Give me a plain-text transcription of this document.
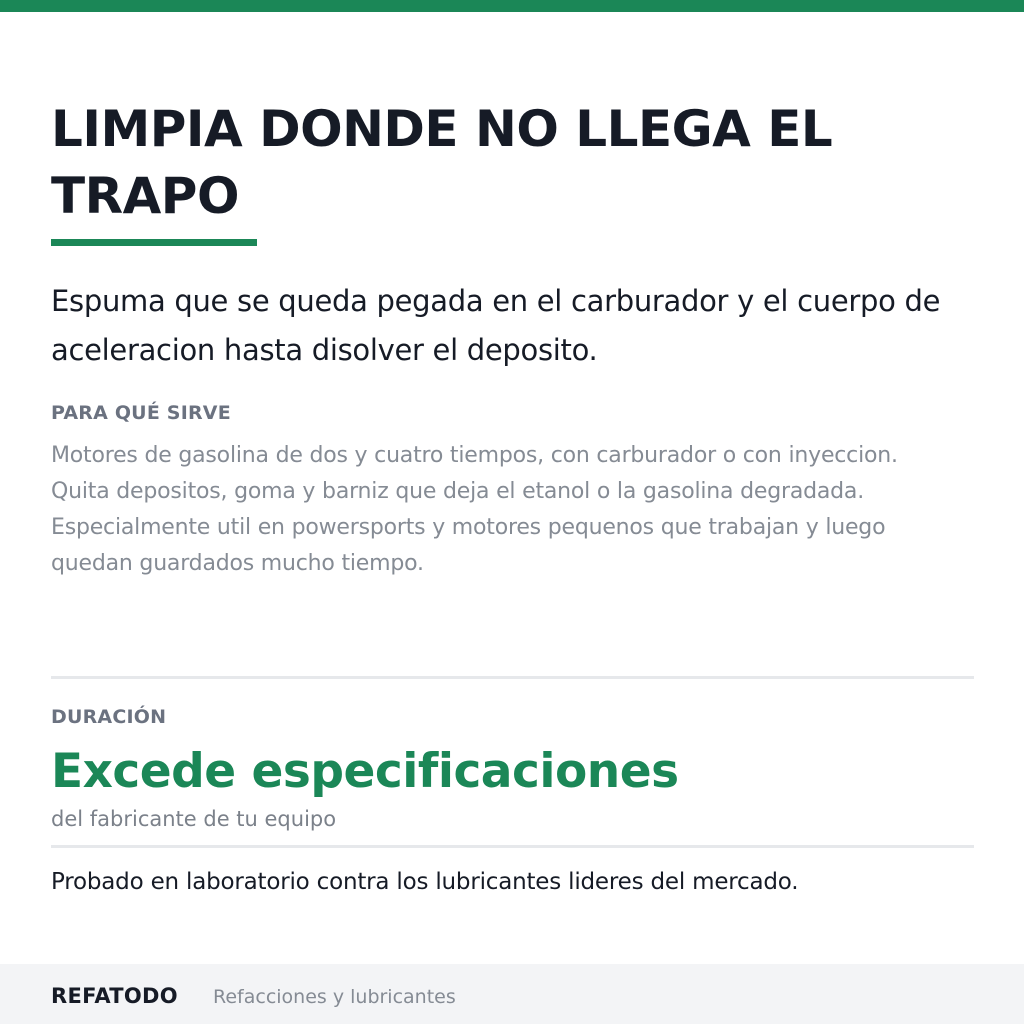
LIMPIA DONDE NO LLEGA EL TRAPO

Espuma que se queda pegada en el carburador y el cuerpo de aceleracion hasta disolver el deposito.

PARA QUÉ SIRVE

Motores de gasolina de dos y cuatro tiempos, con carburador o con inyeccion. Quita depositos, goma y barniz que deja el etanol o la gasolina degradada. Especialmente util en powersports y motores pequenos que trabajan y luego quedan guardados mucho tiempo.

DURACIÓN
Excede especificaciones
del fabricante de tu equipo
Probado en laboratorio contra los lubricantes lideres del mercado.
REFATODO Refacciones y lubricantes
